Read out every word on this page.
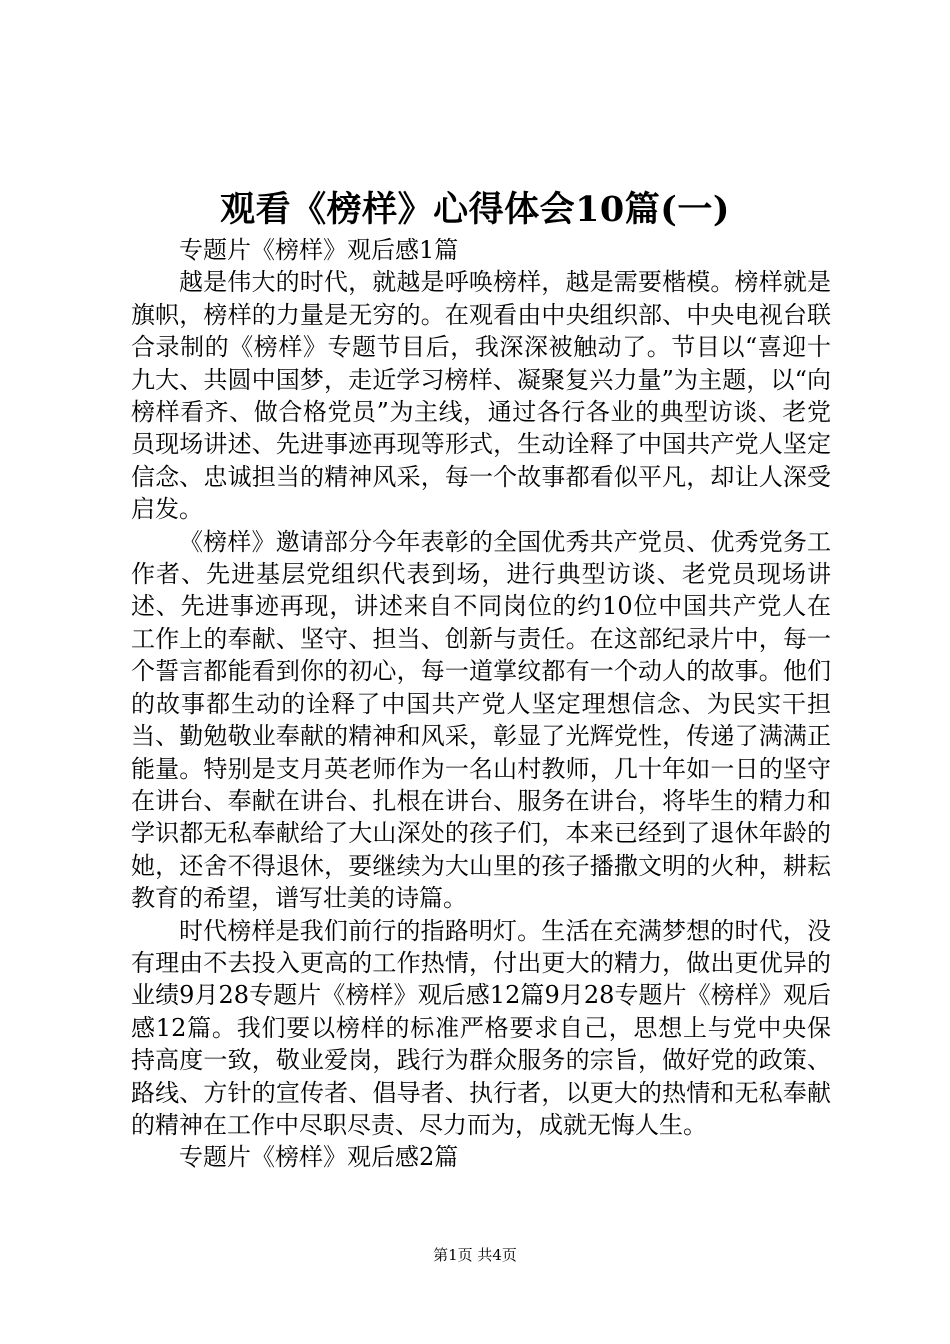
观看《榜样》心得体会10篇(一)

专题片《榜样》观后感1篇

越是伟大的时代，就越是呼唤榜样，越是需要楷模。榜样就是旗帜，榜样的力量是无穷的。在观看由中央组织部、中央电视台联合录制的《榜样》专题节目后，我深深被触动了。节目以“喜迎十九大、共圆中国梦，走近学习榜样、凝聚复兴力量”为主题，以“向榜样看齐、做合格党员”为主线，通过各行各业的典型访谈、老党员现场讲述、先进事迹再现等形式，生动诠释了中国共产党人坚定信念、忠诚担当的精神风采，每一个故事都看似平凡，却让人深受启发。

《榜样》邀请部分今年表彰的全国优秀共产党员、优秀党务工作者、先进基层党组织代表到场，进行典型访谈、老党员现场讲述、先进事迹再现，讲述来自不同岗位的约10位中国共产党人在工作上的奉献、坚守、担当、创新与责任。在这部纪录片中，每一个誓言都能看到你的初心，每一道掌纹都有一个动人的故事。他们的故事都生动的诠释了中国共产党人坚定理想信念、为民实干担当、勤勉敬业奉献的精神和风采，彰显了光辉党性，传递了满满正能量。特别是支月英老师作为一名山村教师，几十年如一日的坚守在讲台、奉献在讲台、扎根在讲台、服务在讲台，将毕生的精力和学识都无私奉献给了大山深处的孩子们，本来已经到了退休年龄的她，还舍不得退休，要继续为大山里的孩子播撒文明的火种，耕耘教育的希望，谱写壮美的诗篇。

时代榜样是我们前行的指路明灯。生活在充满梦想的时代，没有理由不去投入更高的工作热情，付出更大的精力，做出更优异的业绩9月28专题片《榜样》观后感12篇9月28专题片《榜样》观后感12篇。我们要以榜样的标准严格要求自己，思想上与党中央保持高度一致，敬业爱岗，践行为群众服务的宗旨，做好党的政策、路线、方针的宣传者、倡导者、执行者，以更大的热情和无私奉献的精神在工作中尽职尽责、尽力而为，成就无悔人生。

专题片《榜样》观后感2篇

第1页 共4页
